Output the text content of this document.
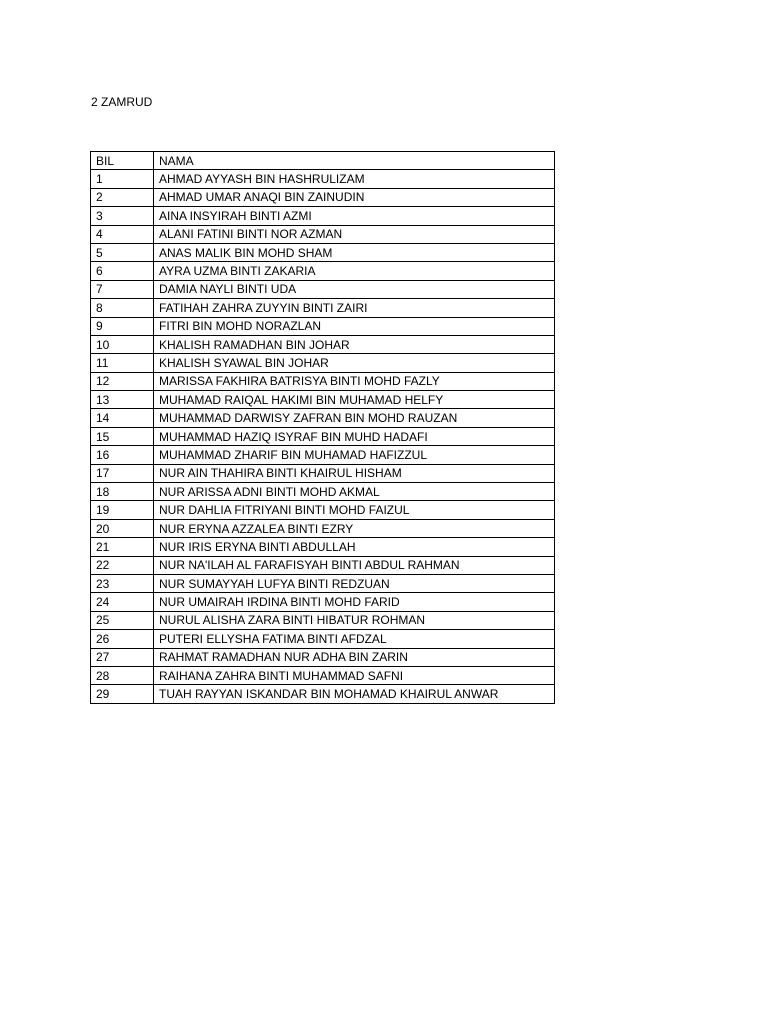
2 ZAMRUD
BIL	NAMA
1	AHMAD AYYASH BIN HASHRULIZAM
2	AHMAD UMAR ANAQI BIN ZAINUDIN
3	AINA INSYIRAH BINTI AZMI
4	ALANI FATINI BINTI NOR AZMAN
5	ANAS MALIK BIN MOHD SHAM
6	AYRA UZMA BINTI ZAKARIA
7	DAMIA NAYLI BINTI UDA
8	FATIHAH ZAHRA ZUYYIN BINTI ZAIRI
9	FITRI BIN MOHD NORAZLAN
10	KHALISH RAMADHAN BIN JOHAR
11	KHALISH SYAWAL BIN JOHAR
12	MARISSA FAKHIRA BATRISYA BINTI MOHD FAZLY
13	MUHAMAD RAIQAL HAKIMI BIN MUHAMAD HELFY
14	MUHAMMAD DARWISY ZAFRAN BIN MOHD RAUZAN
15	MUHAMMAD HAZIQ ISYRAF BIN MUHD HADAFI
16	MUHAMMAD ZHARIF BIN MUHAMAD HAFIZZUL
17	NUR AIN THAHIRA BINTI KHAIRUL HISHAM
18	NUR ARISSA ADNI BINTI MOHD AKMAL
19	NUR DAHLIA FITRIYANI BINTI MOHD FAIZUL
20	NUR ERYNA AZZALEA BINTI EZRY
21	NUR IRIS ERYNA BINTI ABDULLAH
22	NUR NA'ILAH AL FARAFISYAH BINTI ABDUL RAHMAN
23	NUR SUMAYYAH LUFYA BINTI REDZUAN
24	NUR UMAIRAH IRDINA BINTI MOHD FARID
25	NURUL ALISHA ZARA BINTI HIBATUR ROHMAN
26	PUTERI ELLYSHA FATIMA BINTI AFDZAL
27	RAHMAT RAMADHAN NUR ADHA BIN ZARIN
28	RAIHANA ZAHRA BINTI MUHAMMAD SAFNI
29	TUAH RAYYAN ISKANDAR BIN MOHAMAD KHAIRUL ANWAR
